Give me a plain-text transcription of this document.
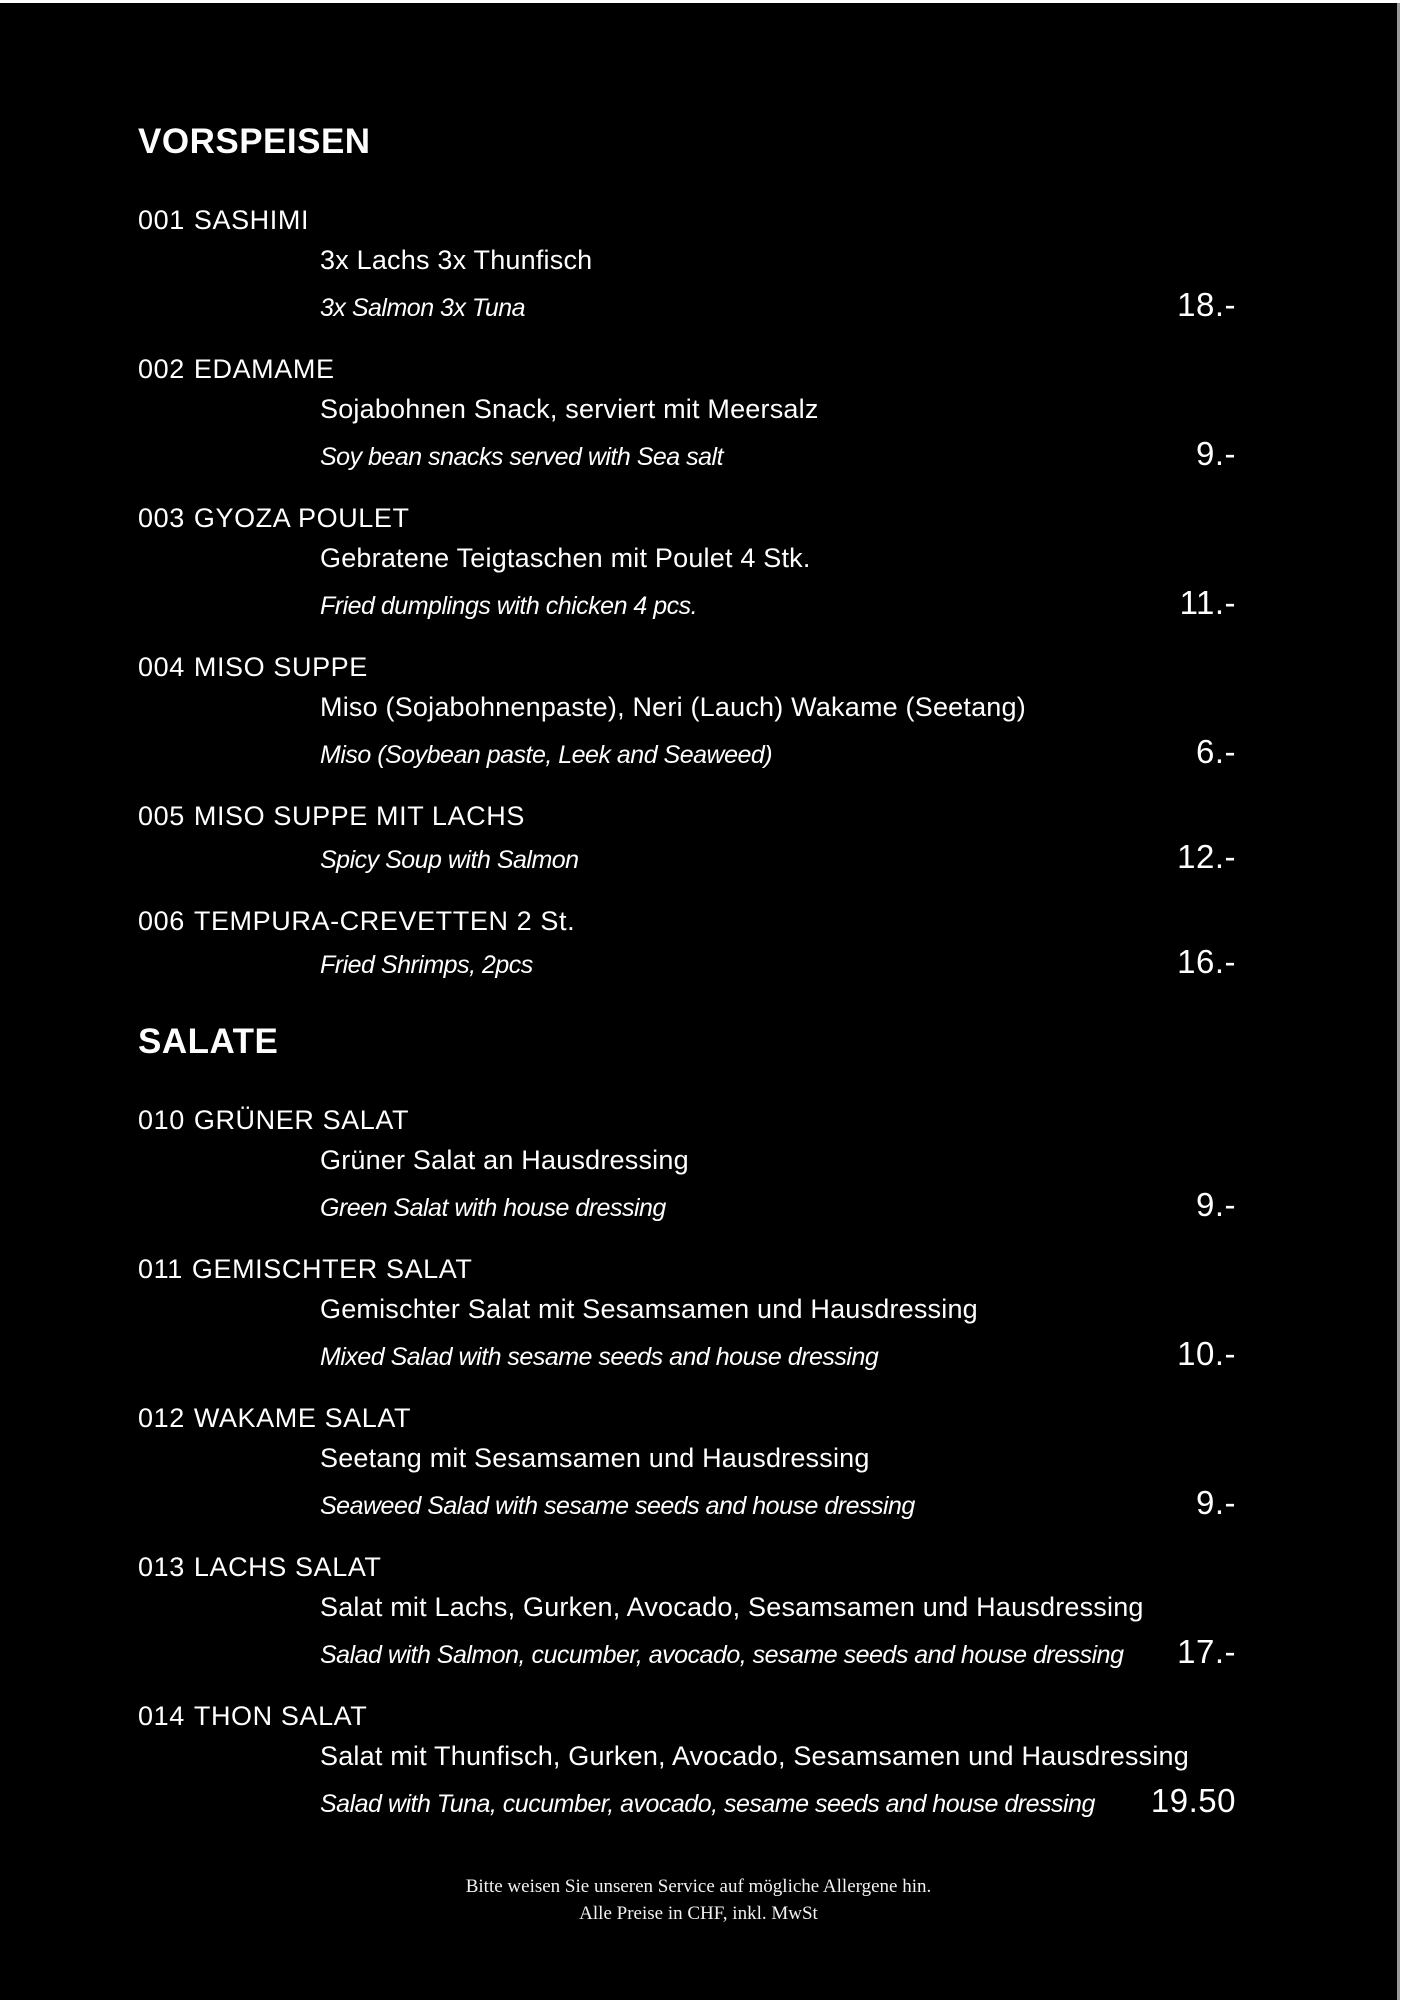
VORSPEISEN
001 SASHIMI
3x Lachs 3x Thunfisch
3x Salmon 3x Tuna	18.-
002 EDAMAME
Sojabohnen Snack, serviert mit Meersalz
Soy bean snacks served with Sea salt	9.-
003 GYOZA POULET
Gebratene Teigtaschen mit Poulet 4 Stk.
Fried dumplings with chicken 4 pcs.	11.-
004 MISO SUPPE
Miso (Sojabohnenpaste), Neri (Lauch) Wakame (Seetang)
Miso (Soybean paste, Leek and Seaweed)	6.-
005 MISO SUPPE MIT LACHS
Spicy Soup with Salmon	12.-
006 TEMPURA-CREVETTEN 2 St.
Fried Shrimps, 2pcs	16.-
SALATE
010 GRÜNER SALAT
Grüner Salat an Hausdressing
Green Salat with house dressing	9.-
011 GEMISCHTER SALAT
Gemischter Salat mit Sesamsamen und Hausdressing
Mixed Salad with sesame seeds and house dressing	10.-
012 WAKAME SALAT
Seetang mit Sesamsamen und Hausdressing
Seaweed Salad with sesame seeds and house dressing	9.-
013 LACHS SALAT
Salat mit Lachs, Gurken, Avocado, Sesamsamen und Hausdressing
Salad with Salmon, cucumber, avocado, sesame seeds and house dressing	17.-
014 THON SALAT
Salat mit Thunfisch, Gurken, Avocado, Sesamsamen und Hausdressing
Salad with Tuna, cucumber, avocado, sesame seeds and house dressing	19.50
Bitte weisen Sie unseren Service auf mögliche Allergene hin.
Alle Preise in CHF, inkl. MwSt
